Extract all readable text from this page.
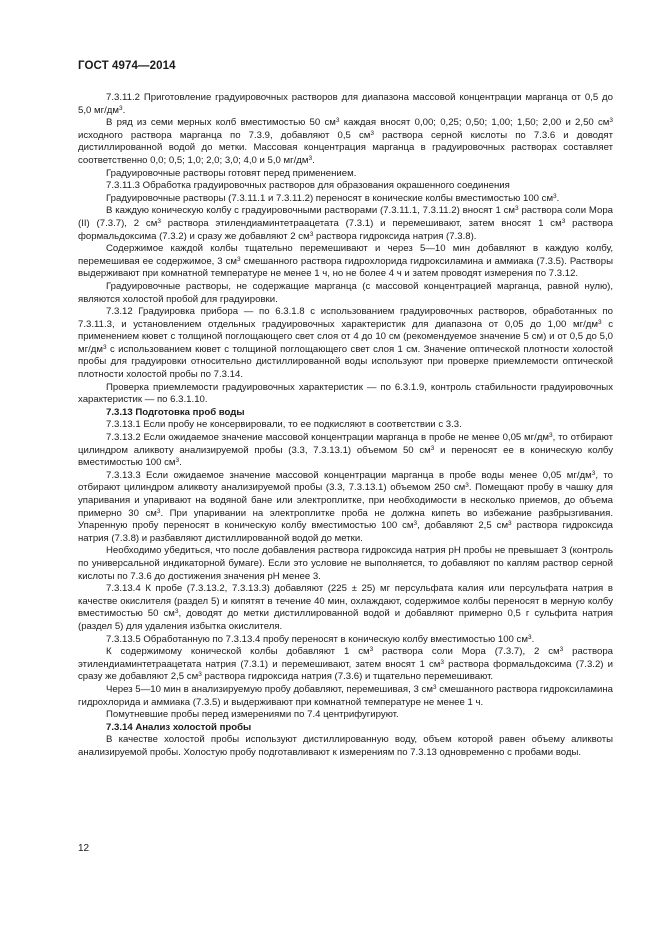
ГОСТ 4974—2014

7.3.11.2 Приготовление градуировочных растворов для диапазона массовой концентрации марганца от 0,5 до 5,0 $мг/дм^3$.

В ряд из семи мерных колб вместимостью 50 $см^3$ каждая вносят 0,00; 0,25; 0,50; 1,00; 1,50; 2,00 и 2,50 $см^3$ исходного раствора марганца по 7.3.9, добавляют 0,5 $см^3$ раствора серной кислоты по 7.3.6 и доводят дистиллированной водой до метки. Массовая концентрация марганца в градуировочных растворах составляет соответственно 0,0; 0,5; 1,0; 2,0; 3,0; 4,0 и 5,0 $мг/дм^3$.

Градуировочные растворы готовят перед применением.

7.3.11.3 Обработка градуировочных растворов для образования окрашенного соединения

Градуировочные растворы (7.3.11.1 и 7.3.11.2) переносят в конические колбы вместимостью 100 $см^3$.

В каждую коническую колбу с градуировочными растворами (7.3.11.1, 7.3.11.2) вносят 1 $см^3$ раствора соли Мора (II) (7.3.7), 2 $см^3$ раствора этилендиаминтетраацетата (7.3.1) и перемешивают, затем вносят 1 $см^3$ раствора формальдоксима (7.3.2) и сразу же добавляют 2 $см^3$ раствора гидроксида натрия (7.3.8).

Содержимое каждой колбы тщательно перемешивают и через 5—10 мин добавляют в каждую колбу, перемешивая ее содержимое, 3 $см^3$ смешанного раствора гидрохлорида гидроксиламина и аммиака (7.3.5). Растворы выдерживают при комнатной температуре не менее 1 ч, но не более 4 ч и затем проводят измерения по 7.3.12.

Градуировочные растворы, не содержащие марганца (с массовой концентрацией марганца, равной нулю), являются холостой пробой для градуировки.

7.3.12 Градуировка прибора — по 6.3.1.8 с использованием градуировочных растворов, обработанных по 7.3.11.3, и установлением отдельных градуировочных характеристик для диапазона от 0,05 до 1,00 $мг/дм^3$ с применением кювет с толщиной поглощающего свет слоя от 4 до 10 см (рекомендуемое значение 5 см) и от 0,5 до 5,0 $мг/дм^3$ с использованием кювет с толщиной поглощающего свет слоя 1 см. Значение оптической плотности холостой пробы для градуировки относительно дистиллированной воды используют при проверке приемлемости оптической плотности холостой пробы по 7.3.14.

Проверка приемлемости градуировочных характеристик — по 6.3.1.9, контроль стабильности градуировочных характеристик — по 6.3.1.10.

7.3.13 Подготовка проб воды

7.3.13.1 Если пробу не консервировали, то ее подкисляют в соответствии с 3.3.

7.3.13.2 Если ожидаемое значение массовой концентрации марганца в пробе не менее 0,05 $мг/дм^3$, то отбирают цилиндром аликвоту анализируемой пробы (3.3, 7.3.13.1) объемом 50 $см^3$ и переносят ее в коническую колбу вместимостью 100 $см^3$.

7.3.13.3 Если ожидаемое значение массовой концентрации марганца в пробе воды менее 0,05 $мг/дм^3$, то отбирают цилиндром аликвоту анализируемой пробы (3.3, 7.3.13.1) объемом 250 $см^3$. Помещают пробу в чашку для упаривания и упаривают на водяной бане или электроплитке, при необходимости в несколько приемов, до объема примерно 30 $см^3$. При упаривании на электроплитке проба не должна кипеть во избежание разбрызгивания. Упаренную пробу переносят в коническую колбу вместимостью 100 $см^3$, добавляют 2,5 $см^3$ раствора гидроксида натрия (7.3.8) и разбавляют дистиллированной водой до метки.

Необходимо убедиться, что после добавления раствора гидроксида натрия pH пробы не превышает 3 (контроль по универсальной индикаторной бумаге). Если это условие не выполняется, то добавляют по каплям раствор серной кислоты по 7.3.6 до достижения значения pH менее 3.

7.3.13.4 К пробе (7.3.13.2, 7.3.13.3) добавляют (225 ± 25) мг персульфата калия или персульфата натрия в качестве окислителя (раздел 5) и кипятят в течение 40 мин, охлаждают, содержимое колбы переносят в мерную колбу вместимостью 50 $см^3$, доводят до метки дистиллированной водой и добавляют примерно 0,5 г сульфита натрия (раздел 5) для удаления избытка окислителя.

7.3.13.5 Обработанную по 7.3.13.4 пробу переносят в коническую колбу вместимостью 100 $см^3$.

К содержимому конической колбы добавляют 1 $см^3$ раствора соли Мора (7.3.7), 2 $см^3$ раствора этилендиаминтетраацетата натрия (7.3.1) и перемешивают, затем вносят 1 $см^3$ раствора формальдоксима (7.3.2) и сразу же добавляют 2,5 $см^3$ раствора гидроксида натрия (7.3.6) и тщательно перемешивают.

Через 5—10 мин в анализируемую пробу добавляют, перемешивая, 3 $см^3$ смешанного раствора гидроксиламина гидрохлорида и аммиака (7.3.5) и выдерживают при комнатной температуре не менее 1 ч.

Помутневшие пробы перед измерениями по 7.4 центрифугируют.

7.3.14 Анализ холостой пробы

В качестве холостой пробы используют дистиллированную воду, объем которой равен объему аликвоты анализируемой пробы. Холостую пробу подготавливают к измерениям по 7.3.13 одновременно с пробами воды.

12
